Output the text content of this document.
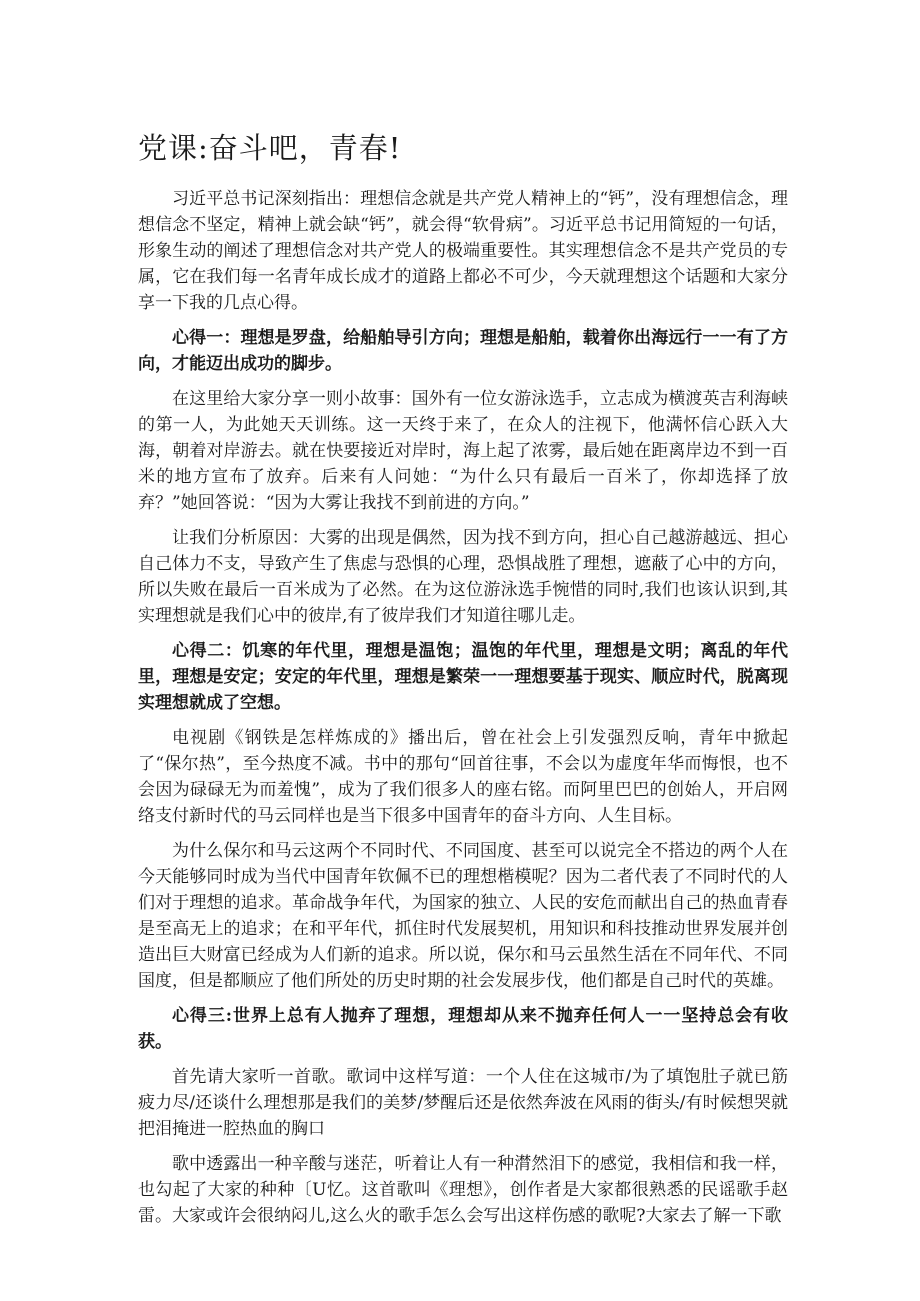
党课:奋斗吧，青春!

习近平总书记深刻指出：理想信念就是共产党人精神上的“钙”，没有理想信念，理想信念不坚定，精神上就会缺“钙”，就会得“软骨病”。习近平总书记用简短的一句话，形象生动的阐述了理想信念对共产党人的极端重要性。其实理想信念不是共产党员的专属，它在我们每一名青年成长成才的道路上都必不可少，今天就理想这个话题和大家分享一下我的几点心得。

心得一：理想是罗盘，给船舶导引方向；理想是船舶，载着你出海远行一一有了方向，才能迈出成功的脚步。

在这里给大家分享一则小故事：国外有一位女游泳选手，立志成为横渡英吉利海峡的第一人，为此她天天训练。这一天终于来了，在众人的注视下，他满怀信心跃入大海，朝着对岸游去。就在快要接近对岸时，海上起了浓雾，最后她在距离岸边不到一百米的地方宣布了放弃。后来有人问她：“为什么只有最后一百米了，你却选择了放弃？”她回答说：“因为大雾让我找不到前进的方向。”

让我们分析原因：大雾的出现是偶然，因为找不到方向，担心自己越游越远、担心自己体力不支，导致产生了焦虑与恐惧的心理，恐惧战胜了理想，遮蔽了心中的方向，所以失败在最后一百米成为了必然。在为这位游泳选手惋惜的同时,我们也该认识到,其实理想就是我们心中的彼岸,有了彼岸我们才知道往哪儿走。

心得二：饥寒的年代里，理想是温饱；温饱的年代里，理想是文明；离乱的年代里，理想是安定；安定的年代里，理想是繁荣一一理想要基于现实、顺应时代，脱离现实理想就成了空想。

电视剧《钢铁是怎样炼成的》播出后，曾在社会上引发强烈反响，青年中掀起了“保尔热”，至今热度不减。书中的那句“回首往事，不会以为虚度年华而悔恨，也不会因为碌碌无为而羞愧”，成为了我们很多人的座右铭。而阿里巴巴的创始人，开启网络支付新时代的马云同样也是当下很多中国青年的奋斗方向、人生目标。

为什么保尔和马云这两个不同时代、不同国度、甚至可以说完全不搭边的两个人在今天能够同时成为当代中国青年钦佩不已的理想楷模呢？因为二者代表了不同时代的人们对于理想的追求。革命战争年代，为国家的独立、人民的安危而献出自己的热血青春是至高无上的追求；在和平年代，抓住时代发展契机，用知识和科技推动世界发展并创造出巨大财富已经成为人们新的追求。所以说，保尔和马云虽然生活在不同年代、不同国度，但是都顺应了他们所处的历史时期的社会发展步伐，他们都是自己时代的英雄。

心得三:世界上总有人抛弃了理想，理想却从来不抛弃任何人一一坚持总会有收获。

首先请大家听一首歌。歌词中这样写道：一个人住在这城市/为了填饱肚子就已筋疲力尽/还谈什么理想那是我们的美梦/梦醒后还是依然奔波在风雨的街头/有时候想哭就把泪掩进一腔热血的胸口

歌中透露出一种辛酸与迷茫，听着让人有一种潸然泪下的感觉，我相信和我一样，也勾起了大家的种种〔U忆。这首歌叫《理想》，创作者是大家都很熟悉的民谣歌手赵雷。大家或许会很纳闷儿,这么火的歌手怎么会写出这样伤感的歌呢?大家去了解一下歌
